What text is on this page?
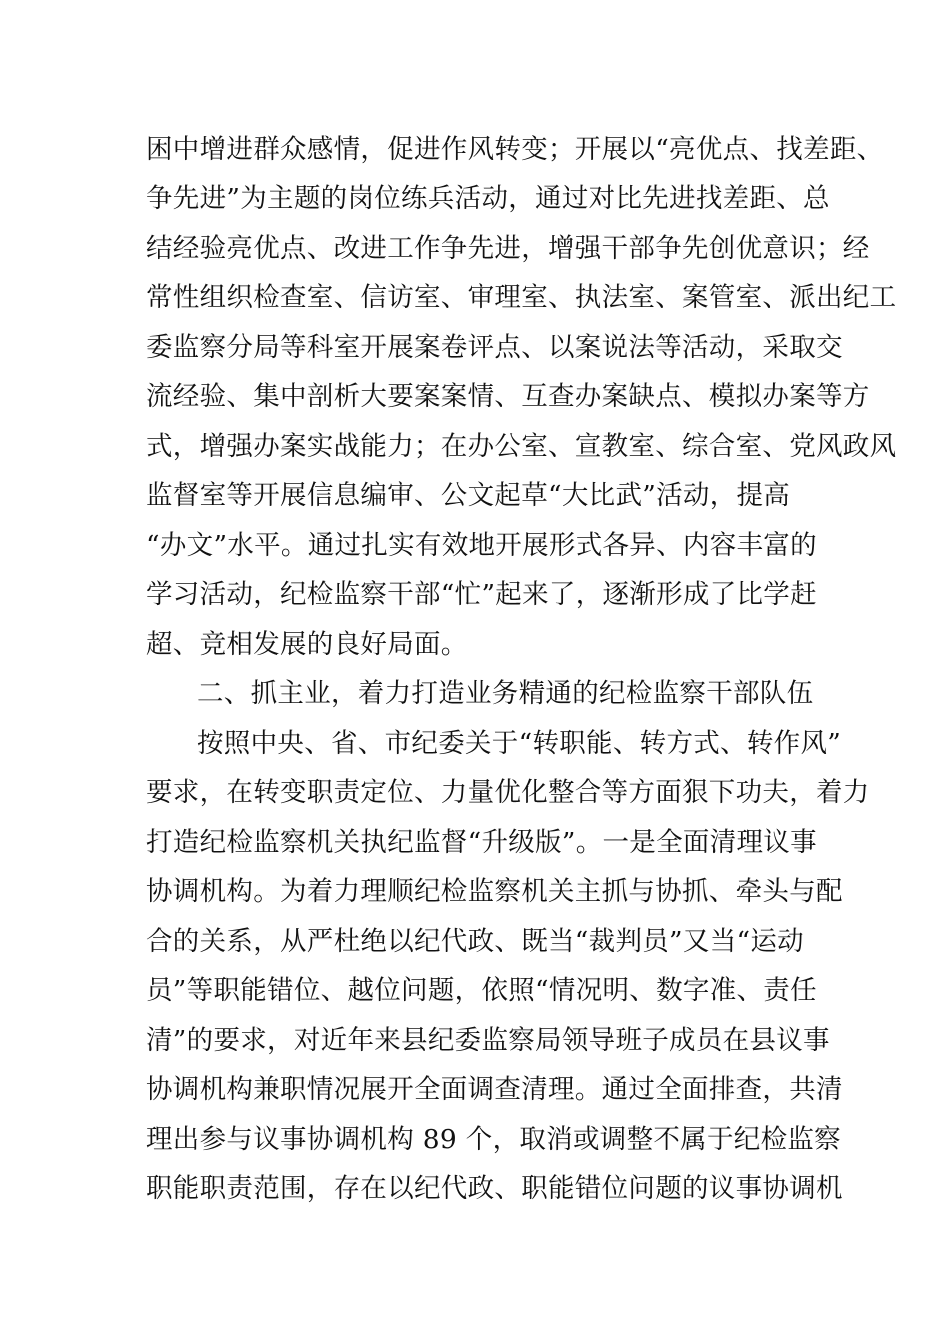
困中增进群众感情，促进作风转变；开展以“亮优点、找差距、
争先进”为主题的岗位练兵活动，通过对比先进找差距、总
结经验亮优点、改进工作争先进，增强干部争先创优意识；经
常性组织检查室、信访室、审理室、执法室、案管室、派出纪工
委监察分局等科室开展案卷评点、以案说法等活动，采取交
流经验、集中剖析大要案案情、互查办案缺点、模拟办案等方
式，增强办案实战能力；在办公室、宣教室、综合室、党风政风
监督室等开展信息编审、公文起草“大比武”活动，提高
“办文”水平。通过扎实有效地开展形式各异、内容丰富的
学习活动，纪检监察干部“忙”起来了，逐渐形成了比学赶
超、竞相发展的良好局面。
二、抓主业，着力打造业务精通的纪检监察干部队伍
按照中央、省、市纪委关于“转职能、转方式、转作风”
要求，在转变职责定位、力量优化整合等方面狠下功夫，着力
打造纪检监察机关执纪监督“升级版”。一是全面清理议事
协调机构。为着力理顺纪检监察机关主抓与协抓、牵头与配
合的关系，从严杜绝以纪代政、既当“裁判员”又当“运动
员”等职能错位、越位问题，依照“情况明、数字准、责任
清”的要求，对近年来县纪委监察局领导班子成员在县议事
协调机构兼职情况展开全面调查清理。通过全面排查，共清
理出参与议事协调机构 89 个，取消或调整不属于纪检监察
职能职责范围，存在以纪代政、职能错位问题的议事协调机
